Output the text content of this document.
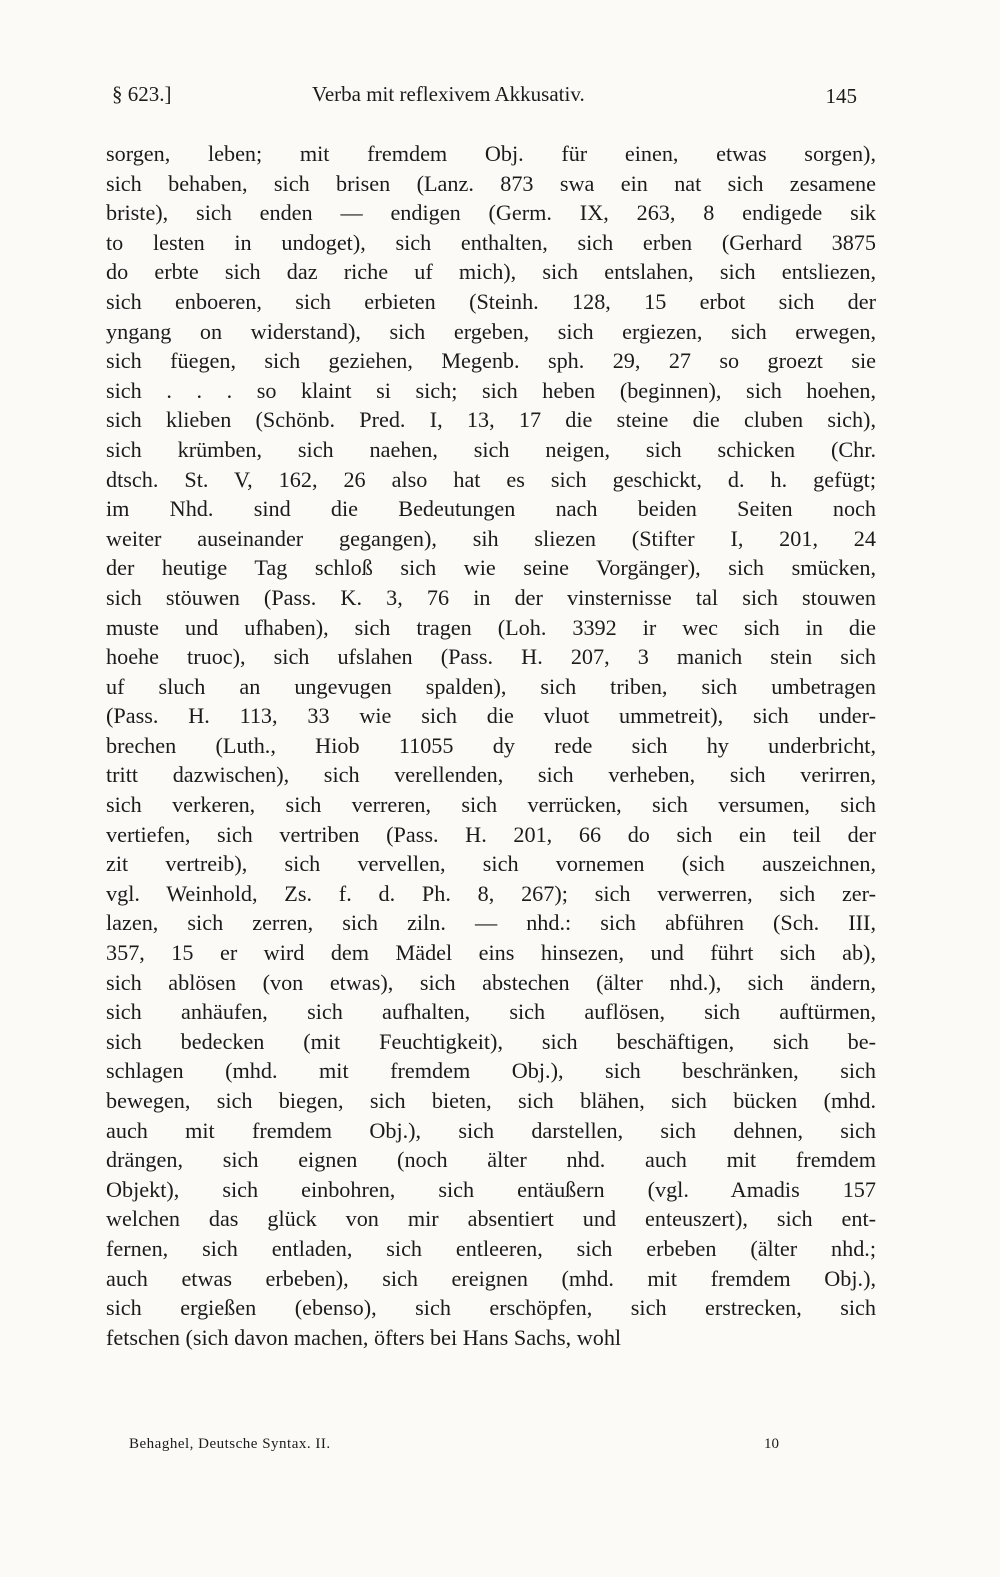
§ 623.]	Verba mit reflexivem Akkusativ.	145
sorgen, leben; mit fremdem Obj. für einen, etwas sorgen),
sich behaben, sich brisen (Lanz. 873 swa ein nat sich zesamene
briste), sich enden — endigen (Germ. IX, 263, 8 endigede sik
to lesten in undoget), sich enthalten, sich erben (Gerhard 3875
do erbte sich daz riche uf mich), sich entslahen, sich entsliezen,
sich enboeren, sich erbieten (Steinh. 128, 15 erbot sich der
yngang on widerstand), sich ergeben, sich ergiezen, sich erwegen,
sich füegen, sich geziehen, Megenb. sph. 29, 27 so groezt sie
sich . . . so klaint si sich; sich heben (beginnen), sich hoehen,
sich klieben (Schönb. Pred. I, 13, 17 die steine die cluben sich),
sich krümben, sich naehen, sich neigen, sich schicken (Chr.
dtsch. St. V, 162, 26 also hat es sich geschickt, d. h. gefügt;
im Nhd. sind die Bedeutungen nach beiden Seiten noch
weiter auseinander gegangen), sih sliezen (Stifter I, 201, 24
der heutige Tag schloß sich wie seine Vorgänger), sich smücken,
sich stöuwen (Pass. K. 3, 76 in der vinsternisse tal sich stouwen
muste und ufhaben), sich tragen (Loh. 3392 ir wec sich in die
hoehe truoc), sich ufslahen (Pass. H. 207, 3 manich stein sich
uf sluch an ungevugen spalden), sich triben, sich umbetragen
(Pass. H. 113, 33 wie sich die vluot ummetreit), sich under-
brechen (Luth., Hiob 11055 dy rede sich hy underbricht,
tritt dazwischen), sich verellenden, sich verheben, sich verirren,
sich verkeren, sich verreren, sich verrücken, sich versumen, sich
vertiefen, sich vertriben (Pass. H. 201, 66 do sich ein teil der
zit vertreib), sich vervellen, sich vornemen (sich auszeichnen,
vgl. Weinhold, Zs. f. d. Ph. 8, 267); sich verwerren, sich zer-
lazen, sich zerren, sich ziln. — nhd.: sich abführen (Sch. III,
357, 15 er wird dem Mädel eins hinsezen, und führt sich ab),
sich ablösen (von etwas), sich abstechen (älter nhd.), sich ändern,
sich anhäufen, sich aufhalten, sich auflösen, sich auftürmen,
sich bedecken (mit Feuchtigkeit), sich beschäftigen, sich be-
schlagen (mhd. mit fremdem Obj.), sich beschränken, sich
bewegen, sich biegen, sich bieten, sich blähen, sich bücken (mhd.
auch mit fremdem Obj.), sich darstellen, sich dehnen, sich
drängen, sich eignen (noch älter nhd. auch mit fremdem
Objekt), sich einbohren, sich entäußern (vgl. Amadis 157
welchen das glück von mir absentiert und enteuszert), sich ent-
fernen, sich entladen, sich entleeren, sich erbeben (älter nhd.;
auch etwas erbeben), sich ereignen (mhd. mit fremdem Obj.),
sich ergießen (ebenso), sich erschöpfen, sich erstrecken, sich
fetschen (sich davon machen, öfters bei Hans Sachs, wohl
Behaghel, Deutsche Syntax. II.	10
